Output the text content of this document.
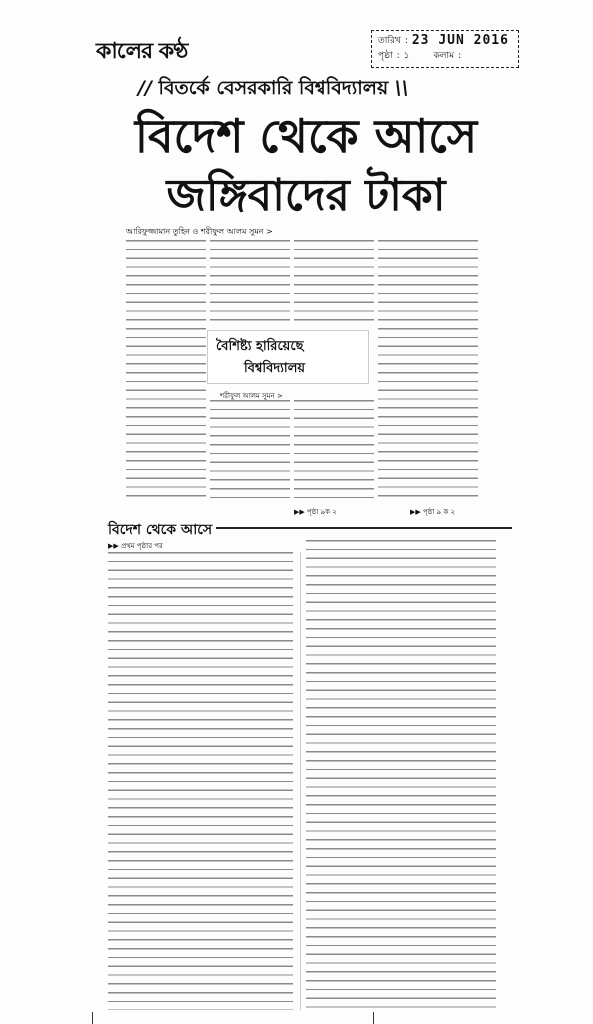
কালের কণ্ঠ	তারিখ : 23 JUN 2016
পৃষ্ঠা : ১	কলাম :
// বিতর্কে বেসরকারি বিশ্ববিদ্যালয় \\
বিদেশ থেকে আসে
জঙ্গিবাদের টাকা
আরিফুজ্জামান তুহিন ও শরীফুল আলম সুমন >
বৈশিষ্ট্য হারিয়েছে
বিশ্ববিদ্যালয়
শরীফুল আলম সুমন >
▶▶ পৃষ্ঠা ৯ক ২	▶▶ পৃষ্ঠা ৯ ক ২
বিদেশ থেকে আসে
▶▶ প্রথম পৃষ্ঠার পর
